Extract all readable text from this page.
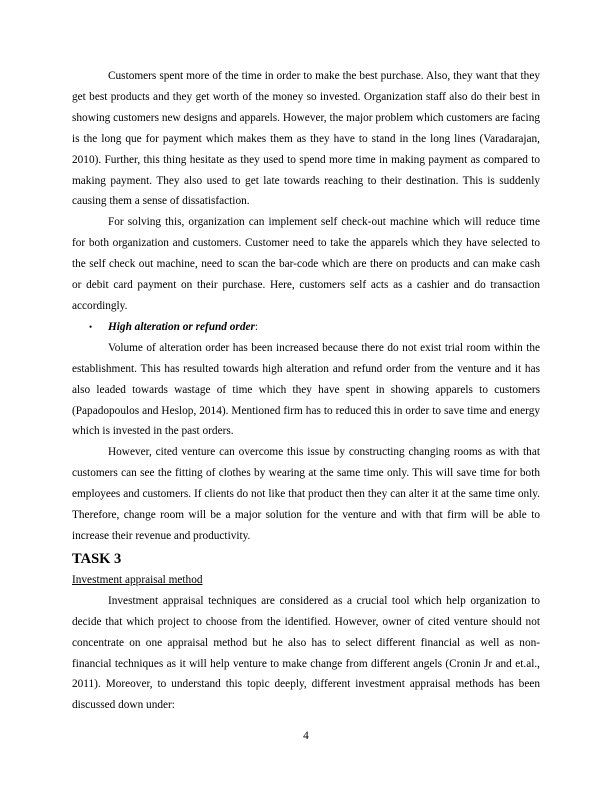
Customers spent more of the time in order to make the best purchase. Also, they want that they get best products and they get worth of the money so invested. Organization staff also do their best in showing customers new designs and apparels. However, the major problem which customers are facing is the long que for payment which makes them as they have to stand in the long lines (Varadarajan, 2010). Further, this thing hesitate as they used to spend more time in making payment as compared to making payment. They also used to get late towards reaching to their destination. This is suddenly causing them a sense of dissatisfaction.

For solving this, organization can implement self check-out machine which will reduce time for both organization and customers. Customer need to take the apparels which they have selected to the self check out machine, need to scan the bar-code which are there on products and can make cash or debit card payment on their purchase. Here, customers self acts as a cashier and do transaction accordingly.

• High alteration or refund order:

Volume of alteration order has been increased because there do not exist trial room within the establishment. This has resulted towards high alteration and refund order from the venture and it has also leaded towards wastage of time which they have spent in showing apparels to customers (Papadopoulos and Heslop, 2014). Mentioned firm has to reduced this in order to save time and energy which is invested in the past orders.

However, cited venture can overcome this issue by constructing changing rooms as with that customers can see the fitting of clothes by wearing at the same time only. This will save time for both employees and customers. If clients do not like that product then they can alter it at the same time only. Therefore, change room will be a major solution for the venture and with that firm will be able to increase their revenue and productivity.

TASK 3
Investment appraisal method

Investment appraisal techniques are considered as a crucial tool which help organization to decide that which project to choose from the identified. However, owner of cited venture should not concentrate on one appraisal method but he also has to select different financial as well as non-financial techniques as it will help venture to make change from different angels (Cronin Jr and et.al., 2011). Moreover, to understand this topic deeply, different investment appraisal methods has been discussed down under:

4
